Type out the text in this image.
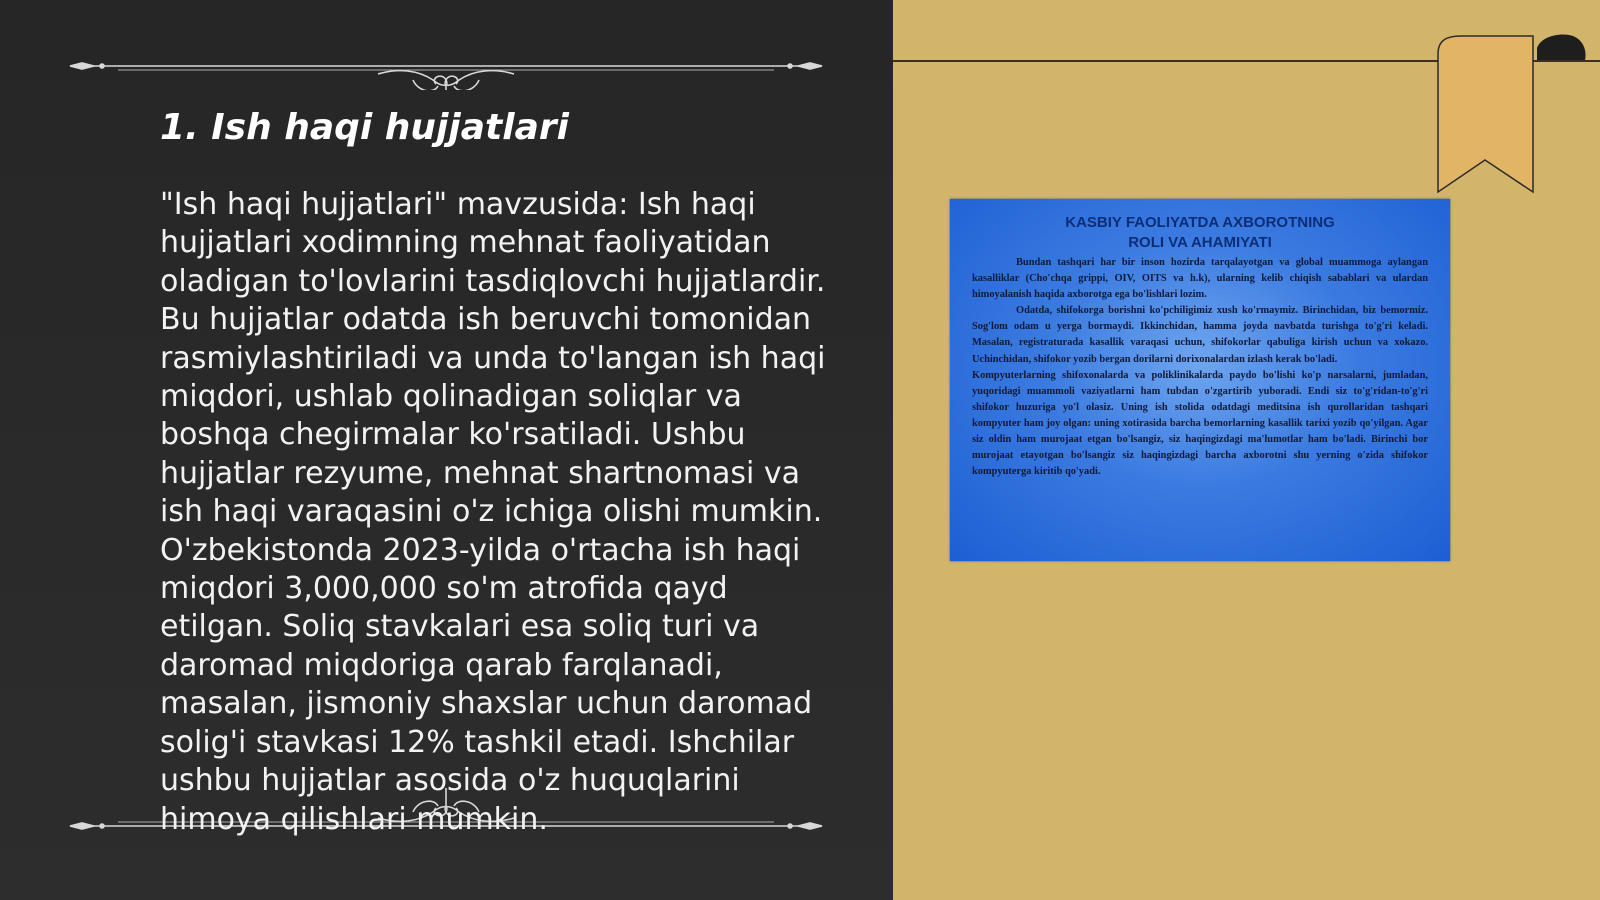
1. Ish haqi hujjatlari

"Ish haqi hujjatlari" mavzusida: Ish haqi hujjatlari xodimning mehnat faoliyatidan oladigan to'lovlarini tasdiqlovchi hujjatlardir. Bu hujjatlar odatda ish beruvchi tomonidan rasmiylashtiriladi va unda to'langan ish haqi miqdori, ushlab qolinadigan soliqlar va boshqa chegirmalar ko'rsatiladi. Ushbu hujjatlar rezyume, mehnat shartnomasi va ish haqi varaqasini o'z ichiga olishi mumkin. O'zbekistonda 2023-yilda o'rtacha ish haqi miqdori 3,000,000 so'm atrofida qayd etilgan. Soliq stavkalari esa soliq turi va daromad miqdoriga qarab farqlanadi, masalan, jismoniy shaxslar uchun daromad solig'i stavkasi 12% tashkil etadi. Ishchilar ushbu hujjatlar asosida o'z huquqlarini himoya qilishlari mumkin.

KASBIY FAOLIYATDA AXBOROTNING
ROLI VA AHAMIYATI

Bundan tashqari har bir inson hozirda tarqalayotgan va global muammoga aylangan kasalliklar (Cho'chqa grippi, OIV, OITS va h.k), ularning kelib chiqish sabablari va ulardan himoyalanish haqida axborotga ega bo'lishlari lozim.

Odatda, shifokorga borishni ko'pchiligimiz xush ko'rmaymiz. Birinchidan, biz bemormiz. Sog'lom odam u yerga bormaydi. Ikkinchidan, hamma joyda navbatda turishga to'g'ri keladi. Masalan, registraturada kasallik varaqasi uchun, shifokorlar qabuliga kirish uchun va xokazo. Uchinchidan, shifokor yozib bergan dorilarni dorixonalardan izlash kerak bo'ladi.

Kompyuterlarning shifoxonalarda va poliklinikalarda paydo bo'lishi ko'p narsalarni, jumladan, yuqoridagi muammoli vaziyatlarni ham tubdan o'zgartirib yuboradi. Endi siz to'g'ridan-to'g'ri shifokor huzuriga yo'l olasiz. Uning ish stolida odatdagi meditsina ish qurollaridan tashqari kompyuter ham joy olgan: uning xotirasida barcha bemorlarning kasallik tarixi yozib qo'yilgan. Agar siz oldin ham murojaat etgan bo'lsangiz, siz haqingizdagi ma'lumotlar ham bo'ladi. Birinchi bor murojaat etayotgan bo'lsangiz siz haqingizdagi barcha axborotni shu yerning o'zida shifokor kompyuterga kiritib qo'yadi.
